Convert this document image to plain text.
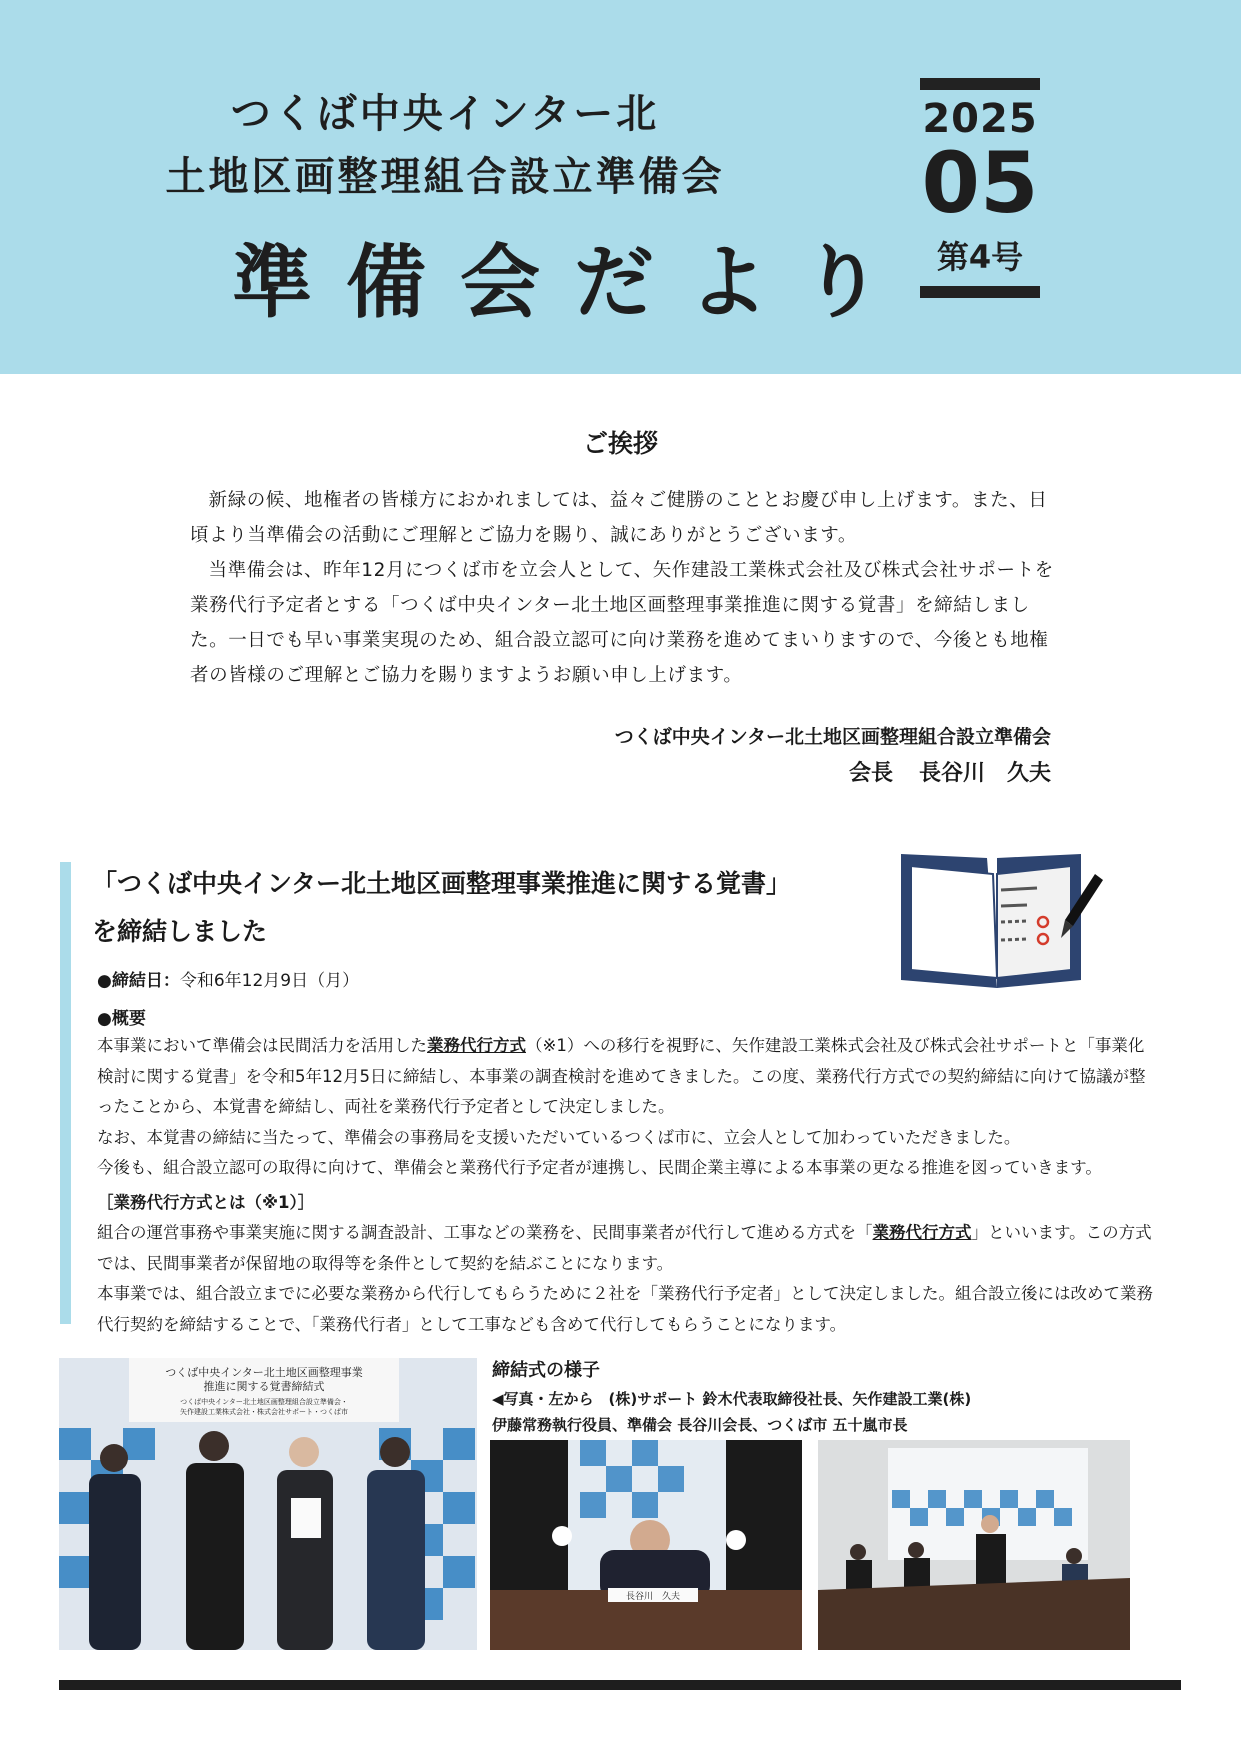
つくば中央インター北
土地区画整理組合設立準備会
準備会だより
2025
05
第4号
ご挨拶

新緑の候、地権者の皆様方におかれましては、益々ご健勝のこととお慶び申し上げます。また、日頃より当準備会の活動にご理解とご協力を賜り、誠にありがとうございます。

当準備会は、昨年12月につくば市を立会人として、矢作建設工業株式会社及び株式会社サポートを業務代行予定者とする「つくば中央インター北土地区画整理事業推進に関する覚書」を締結しました。一日でも早い事業実現のため、組合設立認可に向け業務を進めてまいりますので、今後とも地権者の皆様のご理解とご協力を賜りますようお願い申し上げます。

つくば中央インター北土地区画整理組合設立準備会
会長 長谷川　久夫
「つくば中央インター北土地区画整理事業推進に関する覚書」
を締結しました
●締結日：令和6年12月9日（月）
●概要
本事業において準備会は民間活力を活用した業務代行方式（※1）への移行を視野に、矢作建設工業株式会社及び株式会社サポートと「事業化検討に関する覚書」を令和5年12月5日に締結し、本事業の調査検討を進めてきました。この度、業務代行方式での契約締結に向けて協議が整ったことから、本覚書を締結し、両社を業務代行予定者として決定しました。
なお、本覚書の締結に当たって、準備会の事務局を支援いただいているつくば市に、立会人として加わっていただきました。
今後も、組合設立認可の取得に向けて、準備会と業務代行予定者が連携し、民間企業主導による本事業の更なる推進を図っていきます。
［業務代行方式とは（※1）］
組合の運営事務や事業実施に関する調査設計、工事などの業務を、民間事業者が代行して進める方式を「業務代行方式」といいます。この方式では、民間事業者が保留地の取得等を条件として契約を結ぶことになります。
本事業では、組合設立までに必要な業務から代行してもらうために２社を「業務代行予定者」として決定しました。組合設立後には改めて業務代行契約を締結することで、「業務代行者」として工事なども含めて代行してもらうことになります。
つくば中央インター北土地区画整理事業
推進に関する覚書締結式
つくば中央インター北土地区画整理組合設立準備会・
矢作建設工業株式会社・株式会社サポート・つくば市
締結式の様子
◀写真・左から　(株)サポート 鈴木代表取締役社長、矢作建設工業(株)
伊藤常務執行役員、準備会 長谷川会長、つくば市 五十嵐市長
長谷川　久夫
